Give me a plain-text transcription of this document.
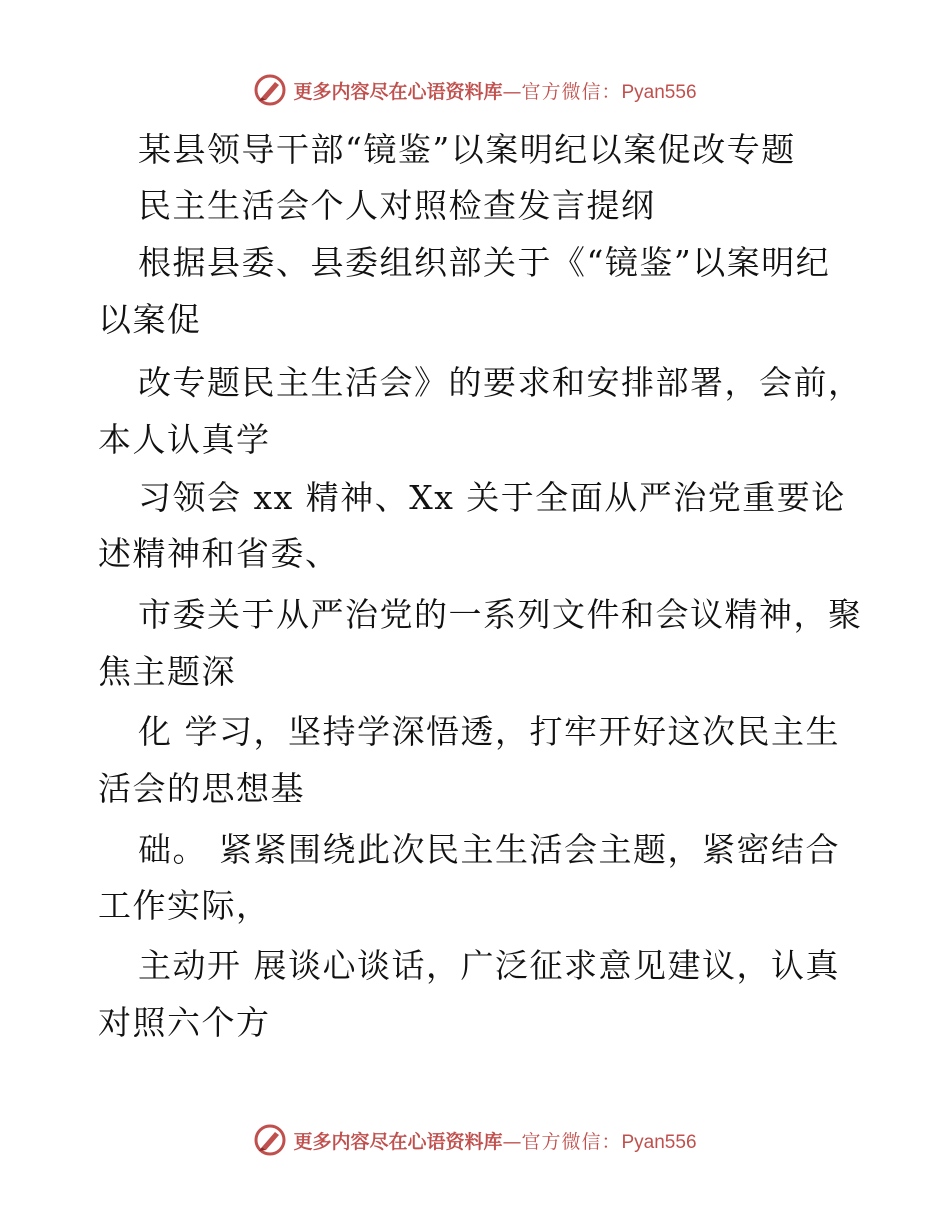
更多内容尽在心语资料库—官方微信：Pyan556
某县领导干部“镜鉴”以案明纪以案促改专题
民主生活会个人对照检查发言提纲
根据县委、县委组织部关于《“镜鉴”以案明纪
以案促
改专题民主生活会》的要求和安排部署，会前，
本人认真学
习领会 xx 精神、Xx 关于全面从严治党重要论
述精神和省委、
市委关于从严治党的一系列文件和会议精神，聚
焦主题深
化 学习，坚持学深悟透，打牢开好这次民主生
活会的思想基
础。 紧紧围绕此次民主生活会主题，紧密结合
工作实际，
主动开 展谈心谈话，广泛征求意见建议，认真
对照六个方
更多内容尽在心语资料库—官方微信：Pyan556
